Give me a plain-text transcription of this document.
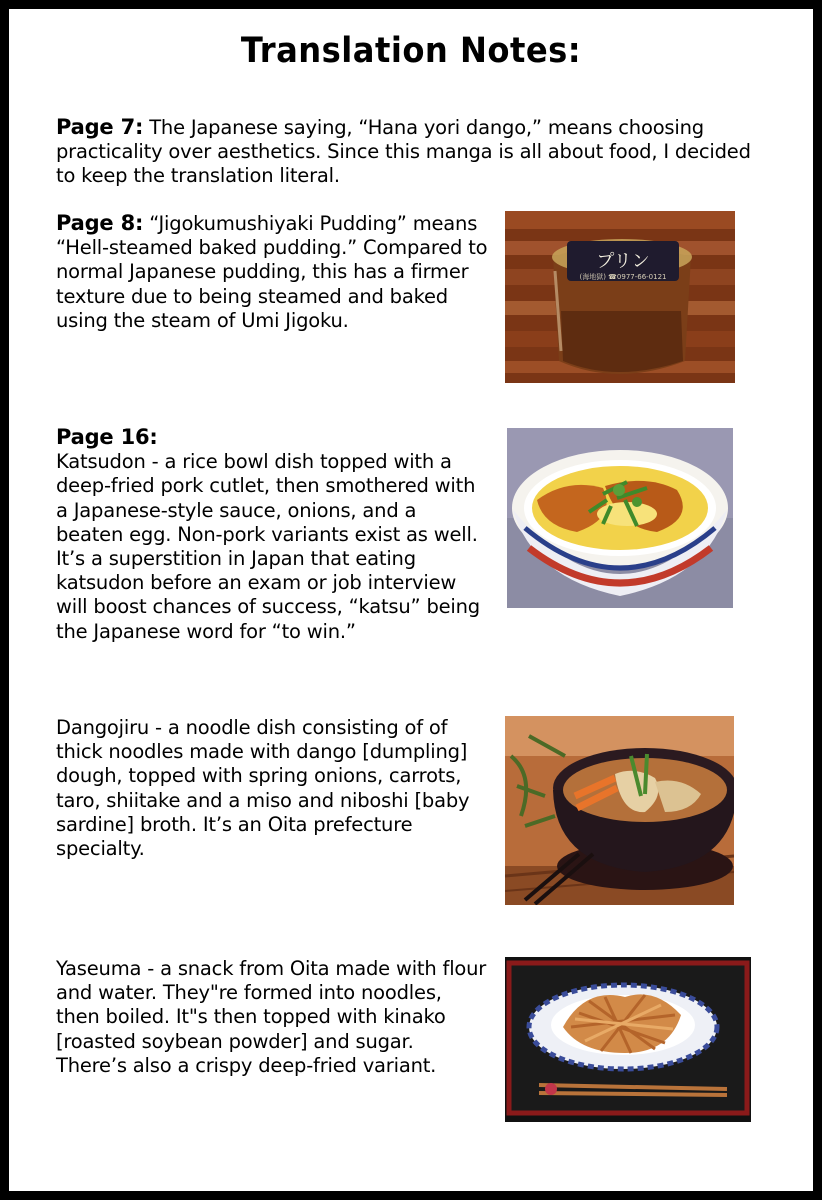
Translation Notes:
Page 7: The Japanese saying, “Hana yori dango,” means choosing practicality over aesthetics. Since this manga is all about food, I decided to keep the translation literal.
Page 8: “Jigokumushiyaki Pudding” means “Hell-steamed baked pudding.” Compared to normal Japanese pudding, this has a firmer texture due to being steamed and baked using the steam of Umi Jigoku.
Page 16:
Katsudon - a rice bowl dish topped with a deep-fried pork cutlet, then smothered with a Japanese-style sauce, onions, and a beaten egg. Non-pork variants exist as well. It’s a superstition in Japan that eating katsudon before an exam or job interview will boost chances of success, “katsu” being the Japanese word for “to win.”
Dangojiru - a noodle dish consisting of of thick noodles made with dango [dumpling] dough, topped with spring onions, carrots, taro, shiitake and a miso and niboshi [baby sardine] broth. It’s an Oita prefecture specialty.
Yaseuma - a snack from Oita made with flour and water. They"re formed into noodles, then boiled. It"s then topped with kinako [roasted soybean powder] and sugar. There’s also a crispy deep-fried variant.
プリン
(海地獄) ☎0977-66-0121
